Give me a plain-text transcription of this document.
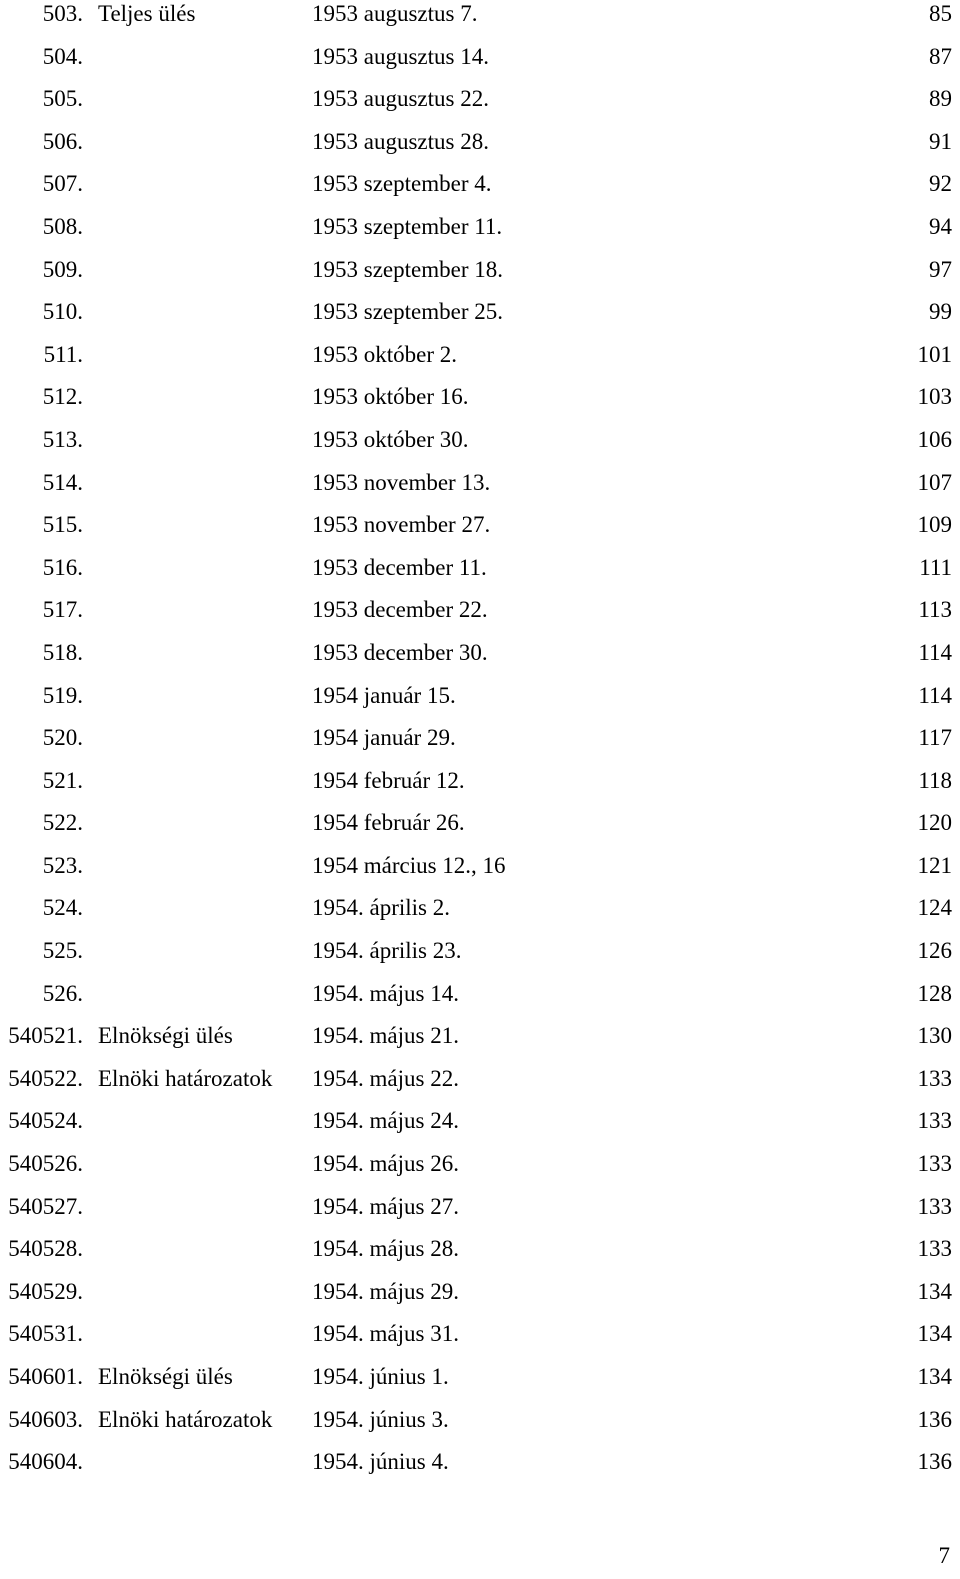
503. Teljes ülés	1953 augusztus 7.	85
504.	1953 augusztus 14.	87
505.	1953 augusztus 22.	89
506.	1953 augusztus 28.	91
507.	1953 szeptember 4.	92
508.	1953 szeptember 11.	94
509.	1953 szeptember 18.	97
510.	1953 szeptember 25.	99
511.	1953 október 2.	101
512.	1953 október 16.	103
513.	1953 október 30.	106
514.	1953 november 13.	107
515.	1953 november 27.	109
516.	1953 december 11.	111
517.	1953 december 22.	113
518.	1953 december 30.	114
519.	1954 január 15.	114
520.	1954 január 29.	117
521.	1954 február 12.	118
522.	1954 február 26.	120
523.	1954 március 12., 16	121
524.	1954. április 2.	124
525.	1954. április 23.	126
526.	1954. május 14.	128
540521. Elnökségi ülés	1954. május 21.	130
540522. Elnöki határozatok 1954. május 22.	133
540524.	1954. május 24.	133
540526.	1954. május 26.	133
540527.	1954. május 27.	133
540528.	1954. május 28.	133
540529.	1954. május 29.	134
540531.	1954. május 31.	134
540601. Elnökségi ülés	1954. június 1.	134
540603. Elnöki határozatok 1954. június 3.	136
540604.	1954. június 4.	136
7
